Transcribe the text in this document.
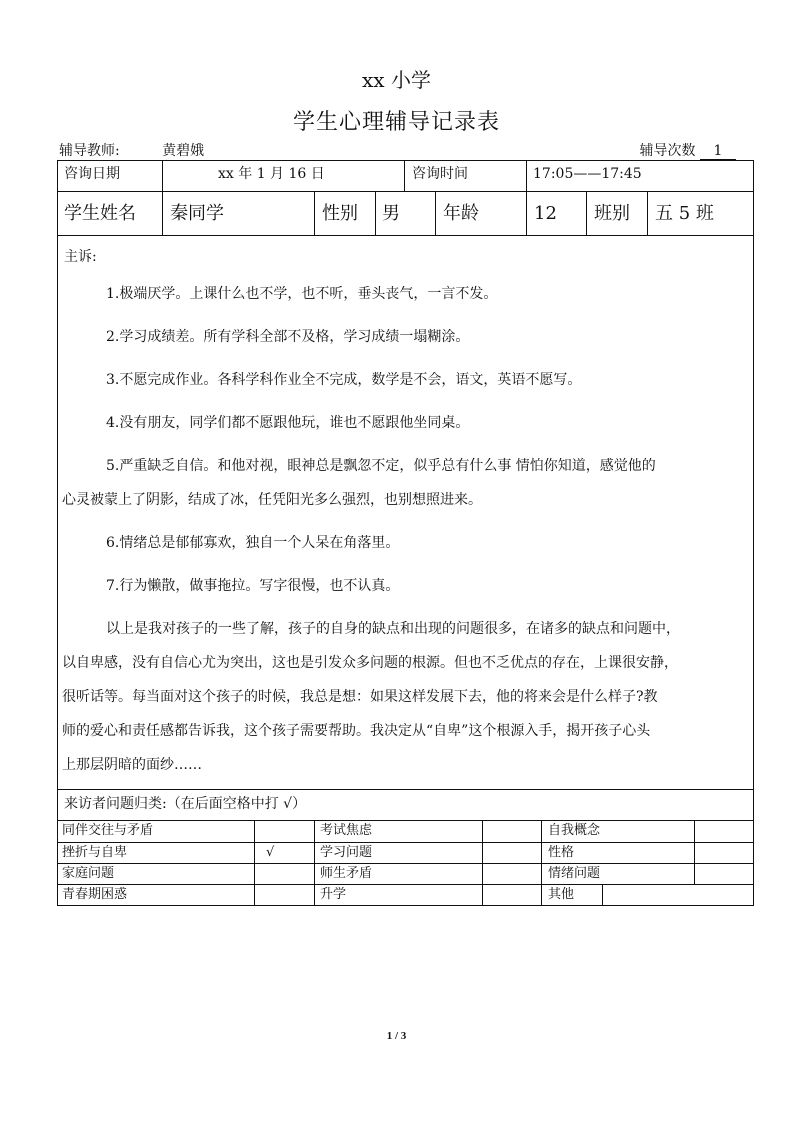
xx 小学
学生心理辅导记录表
辅导教师:	黄碧娥	辅导次数 1
咨询日期	xx 年 1 月 16 日	咨询时间	17:05——17:45
学生姓名 秦同学	性别 男 年龄	12 班别 五 5 班
主诉:
1.极端厌学。上课什么也不学，也不听，垂头丧气，一言不发。
2.学习成绩差。所有学科全部不及格，学习成绩一塌糊涂。
3.不愿完成作业。各科学科作业全不完成，数学是不会，语文，英语不愿写。
4.没有朋友，同学们都不愿跟他玩，谁也不愿跟他坐同桌。
5.严重缺乏自信。和他对视，眼神总是飘忽不定，似乎总有什么事 情怕你知道，感觉他的
心灵被蒙上了阴影，结成了冰，任凭阳光多么强烈，也别想照进来。
6.情绪总是郁郁寡欢，独自一个人呆在角落里。
7.行为懒散，做事拖拉。写字很慢，也不认真。
以上是我对孩子的一些了解，孩子的自身的缺点和出现的问题很多，在诸多的缺点和问题中，
以自卑感，没有自信心尤为突出，这也是引发众多问题的根源。但也不乏优点的存在，上课很安静，
很听话等。每当面对这个孩子的时候，我总是想：如果这样发展下去，他的将来会是什么样子?教
师的爱心和责任感都告诉我，这个孩子需要帮助。我决定从“自卑”这个根源入手，揭开孩子心头
上那层阴暗的面纱……
来访者问题归类:（在后面空格中打 √）
同伴交往与矛盾	考试焦虑	自我概念
挫折与自卑	√	学习问题	性格
家庭问题	师生矛盾	情绪问题
青春期困惑	升学	其他
1 / 3
